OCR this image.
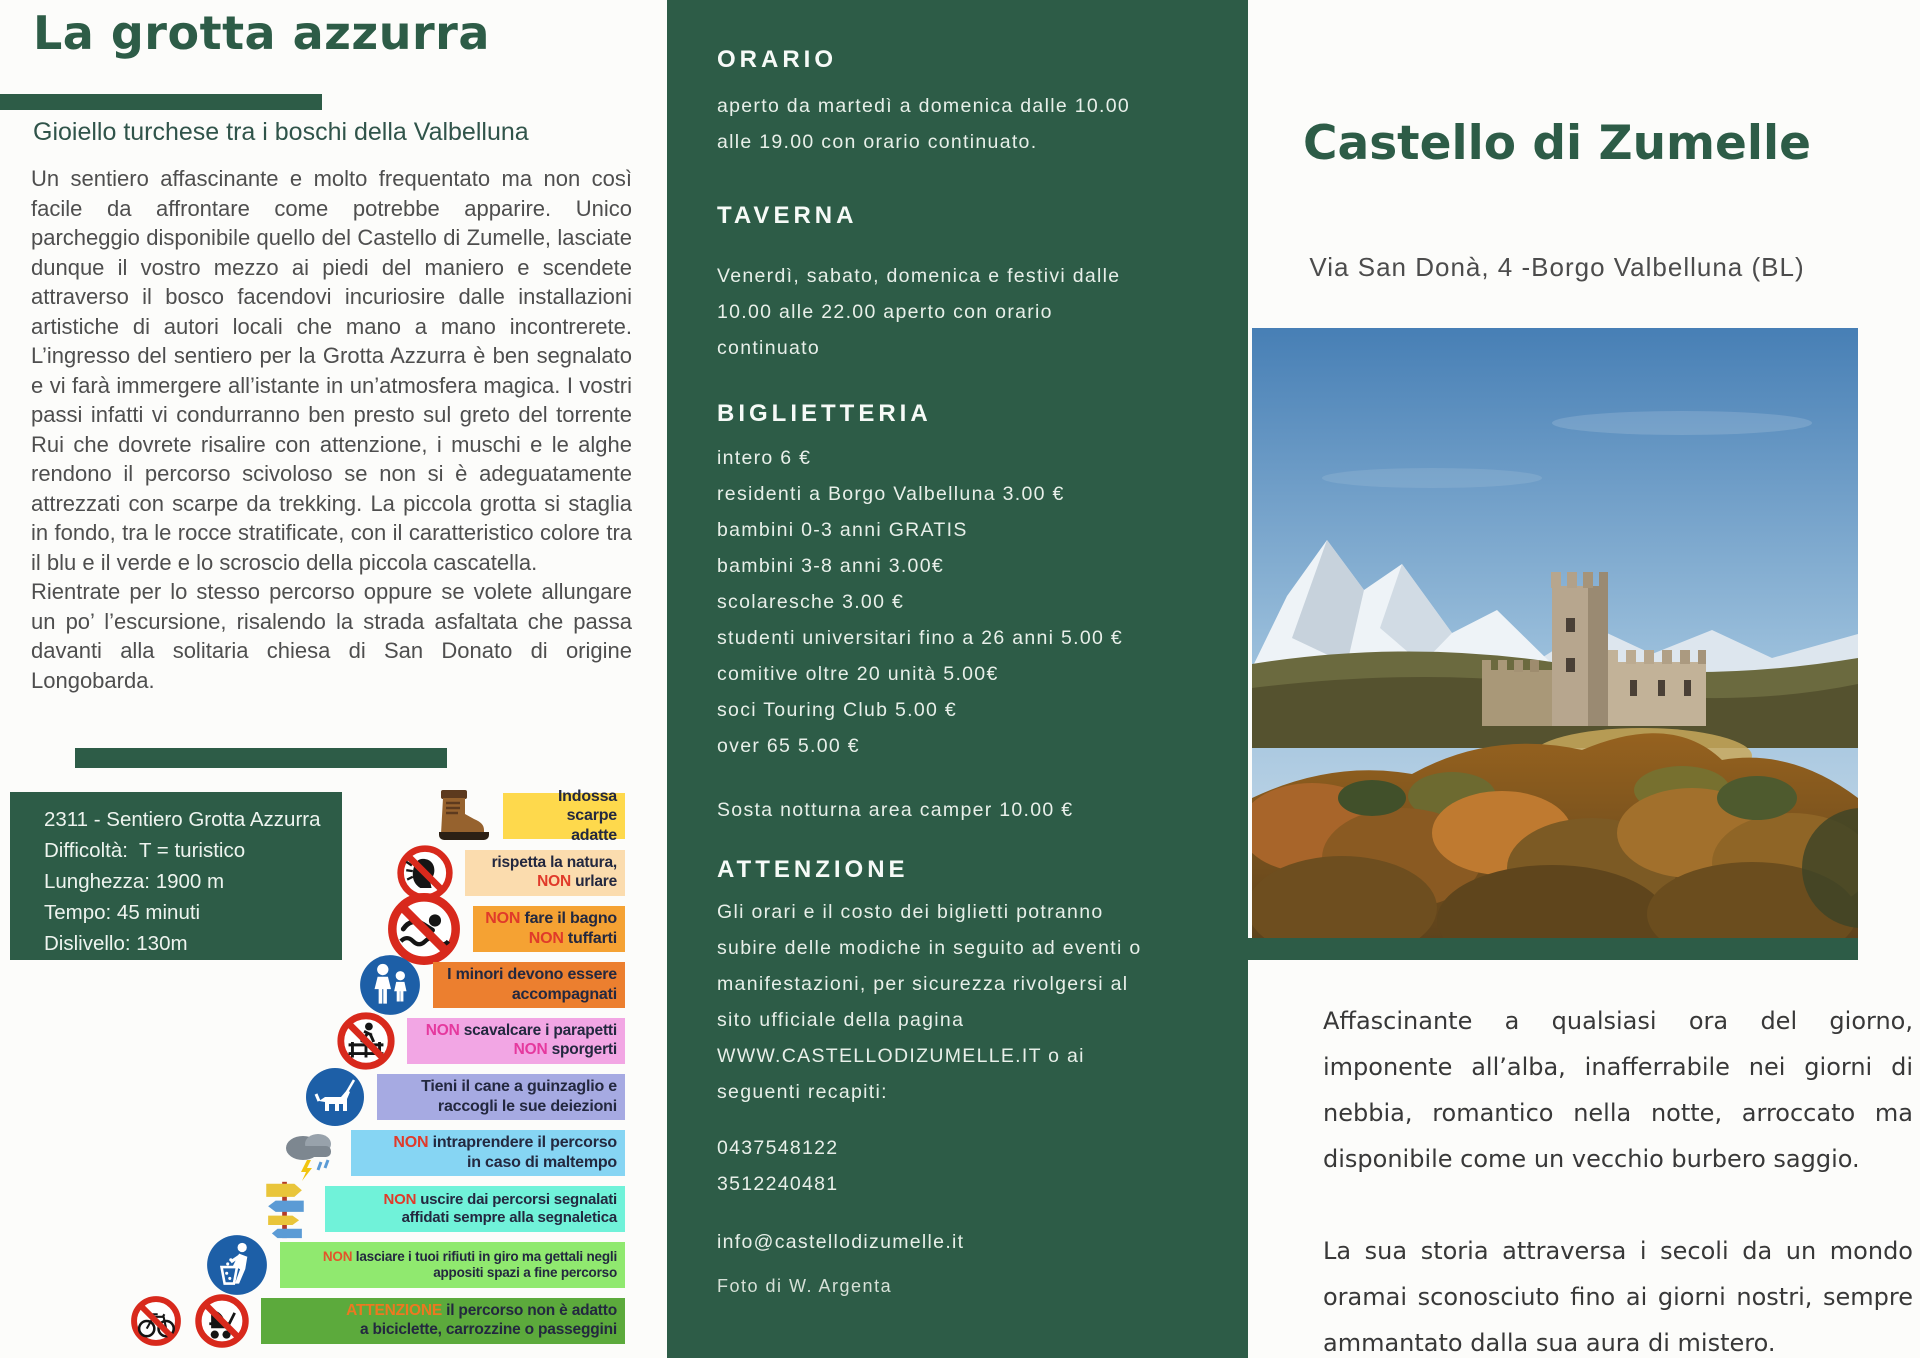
La grotta azzurra
Gioiello turchese tra i boschi della Valbelluna

Un sentiero affascinante e molto frequentato ma non così facile da affrontare come potrebbe apparire. Unico parcheggio disponibile quello del Castello di Zumelle, lasciate dunque il vostro mezzo ai piedi del maniero e scendete attraverso il bosco facendovi incuriosire dalle installazioni artistiche di autori locali che mano a mano incontrerete. L’ingresso del sentiero per la Grotta Azzurra è ben segnalato e vi farà immergere all’istante in un’atmosfera magica. I vostri passi infatti vi condurranno ben presto sul greto del torrente Rui che dovrete risalire con attenzione, i muschi e le alghe rendono il percorso scivoloso se non si è adeguatamente attrezzati con scarpe da trekking. La piccola grotta si staglia in fondo, tra le rocce stratificate, con il caratteristico colore tra il blu e il verde e lo scroscio della piccola cascatella.

Rientrate per lo stesso percorso oppure se volete allungare un po’ l’escursione, risalendo la strada asfaltata che passa davanti alla solitaria chiesa di San Donato di origine Longobarda.

2311 - Sentiero Grotta Azzurra
Difficoltà:  T = turistico
Lunghezza: 1900 m
Tempo: 45 minuti
Dislivello: 130m
Indossa scarpe
adatte
rispetta la natura,
NON urlare
NON fare il bagno
NON tuffarti
I minori devono essere
accompagnati
NON scavalcare i parapetti
NON sporgerti
Tieni il cane a guinzaglio e
raccogli le sue deiezioni
NON intraprendere il percorso
in caso di maltempo
NON uscire dai percorsi segnalati
affidati sempre alla segnaletica
NON lasciare i tuoi rifiuti in giro ma gettali negli
appositi spazi a fine percorso
ATTENZIONE il percorso non è adatto
a biciclette, carrozzine o passeggini
ORARIO
aperto da martedì a domenica dalle 10.00
alle 19.00 con orario continuato.
TAVERNA
Venerdì, sabato, domenica e festivi dalle
10.00 alle 22.00 aperto con orario
continuato
BIGLIETTERIA
intero 6 €
residenti a Borgo Valbelluna 3.00 €
bambini 0-3 anni GRATIS
bambini 3-8 anni 3.00€
scolaresche 3.00 €
studenti universitari fino a 26 anni 5.00 €
comitive oltre 20 unità 5.00€
soci Touring Club 5.00 €
over 65 5.00 €
Sosta notturna area camper 10.00 €
ATTENZIONE
Gli orari e il costo dei biglietti potranno
subire delle modiche in seguito ad eventi o
manifestazioni, per sicurezza rivolgersi al
sito ufficiale della pagina
WWW.CASTELLODIZUMELLE.IT o ai
seguenti recapiti:
0437548122
3512240481
info@castellodizumelle.it
Foto di W. Argenta
Castello di Zumelle
Via San Donà, 4 -Borgo Valbelluna (BL)

Affascinante a qualsiasi ora del giorno, imponente all’alba, inafferrabile nei giorni di nebbia, romantico nella notte, arroccato ma disponibile come un vecchio burbero saggio.

La sua storia attraversa i secoli da un mondo oramai sconosciuto fino ai giorni nostri, sempre ammantato dalla sua aura di mistero.
